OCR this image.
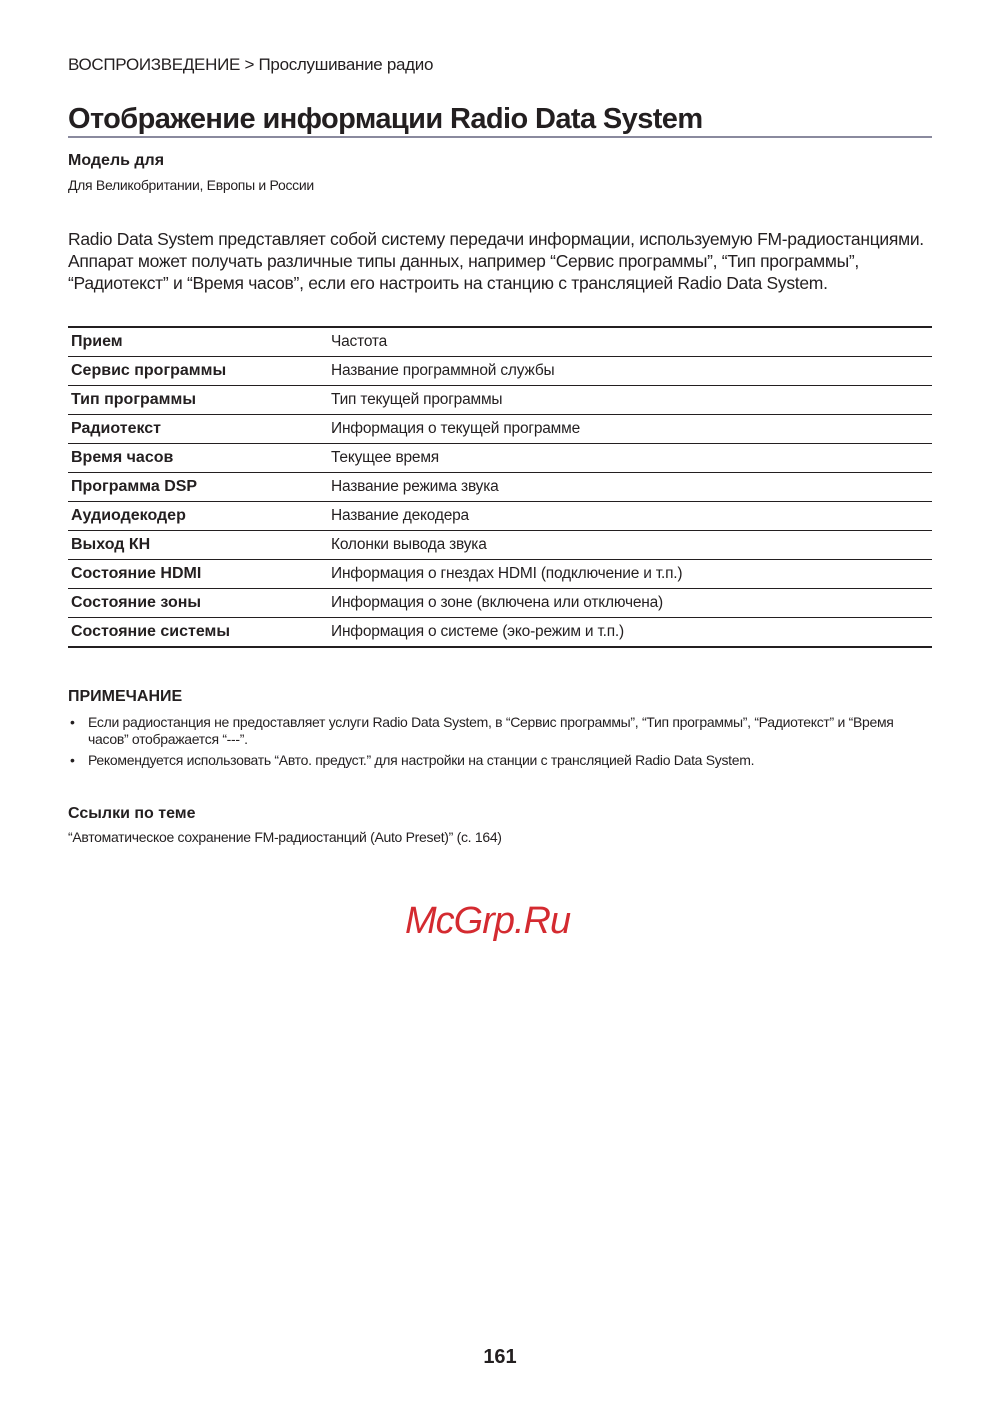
ВОСПРОИЗВЕДЕНИЕ > Прослушивание радио
Отображение информации Radio Data System
Модель для
Для Великобритании, Европы и России
Radio Data System представляет собой систему передачи информации, используемую FM-радиостанциями. Аппарат может получать различные типы данных, например “Сервис программы”, “Тип программы”, “Радиотекст” и “Время часов”, если его настроить на станцию с трансляцией Radio Data System.
Прием	Частота
Сервис программы	Название программной службы
Тип программы	Тип текущей программы
Радиотекст	Информация о текущей программе
Время часов	Текущее время
Программа DSP	Название режима звука
Аудиодекодер	Название декодера
Выход КН	Колонки вывода звука
Состояние HDMI	Информация о гнездах HDMI (подключение и т.п.)
Состояние зоны	Информация о зоне (включена или отключена)
Состояние системы	Информация о системе (эко-режим и т.п.)
ПРИМЕЧАНИЕ
• Если радиостанция не предоставляет услуги Radio Data System, в “Сервис программы”, “Тип программы”, “Радиотекст” и “Время часов” отображается “---”.
• Рекомендуется использовать “Авто. предуст.” для настройки на станции с трансляцией Radio Data System.
Ссылки по теме
“Автоматическое сохранение FM-радиостанций (Auto Preset)” (с. 164)
McGrp.Ru
161
